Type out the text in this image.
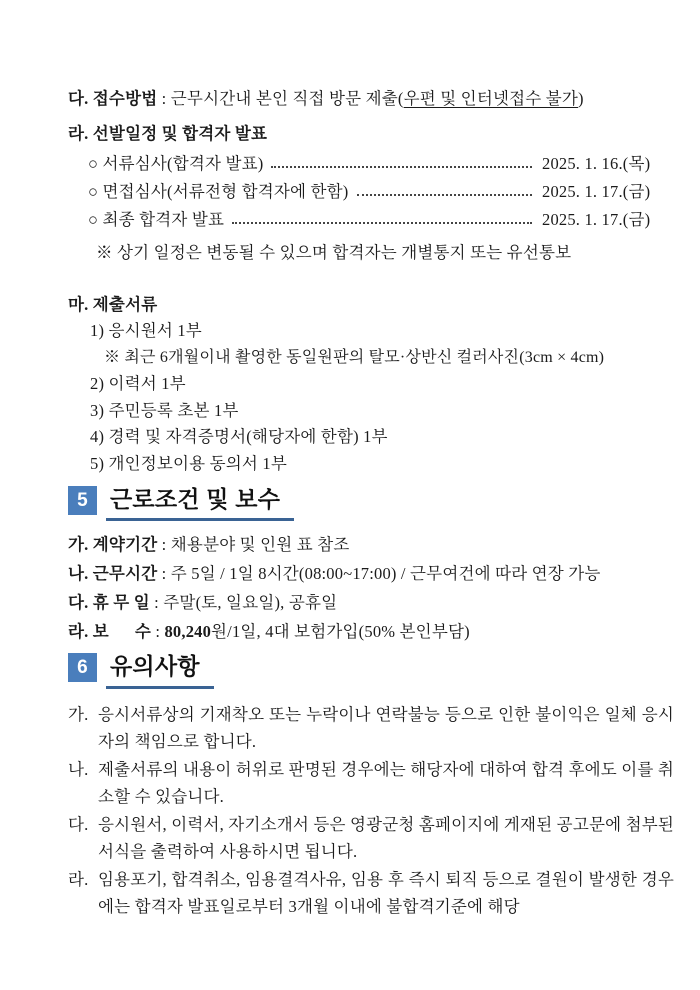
다. 접수방법 : 근무시간내 본인 직접 방문 제출(우편 및 인터넷접수 불가)

라. 선발일정 및 합격자 발표

○ 서류심사(합격자 발표)	2025. 1. 16.(목)
○ 면접심사(서류전형 합격자에 한함)	2025. 1. 17.(금)
○ 최종 합격자 발표	2025. 1. 17.(금)

※ 상기 일정은 변동될 수 있으며 합격자는 개별통지 또는 유선통보

마. 제출서류

1) 응시원서 1부
※ 최근 6개월이내 촬영한 동일원판의 탈모·상반신 컬러사진(3cm × 4cm)
2) 이력서 1부
3) 주민등록 초본 1부
4) 경력 및 자격증명서(해당자에 한함) 1부
5) 개인정보이용 동의서 1부
5 근로조건 및 보수
가. 계약기간 : 채용분야 및 인원 표 참조
나. 근무시간 : 주 5일 / 1일 8시간(08:00~17:00) / 근무여건에 따라 연장 가능
다. 휴 무 일 : 주말(토, 일요일), 공휴일
라. 보      수 : 80,240원/1일, 4대 보험가입(50% 본인부담)
6 유의사항
가. 응시서류상의 기재착오 또는 누락이나 연락불능 등으로 인한 불이익은 일체 응시자의 책임으로 합니다.
나. 제출서류의 내용이 허위로 판명된 경우에는 해당자에 대하여 합격 후에도 이를 취소할 수 있습니다.
다. 응시원서, 이력서, 자기소개서 등은 영광군청 홈페이지에 게재된 공고문에 첨부된 서식을 출력하여 사용하시면 됩니다.
라. 임용포기, 합격취소, 임용결격사유, 임용 후 즉시 퇴직 등으로 결원이 발생한 경우에는 합격자 발표일로부터 3개월 이내에 불합격기준에 해당
